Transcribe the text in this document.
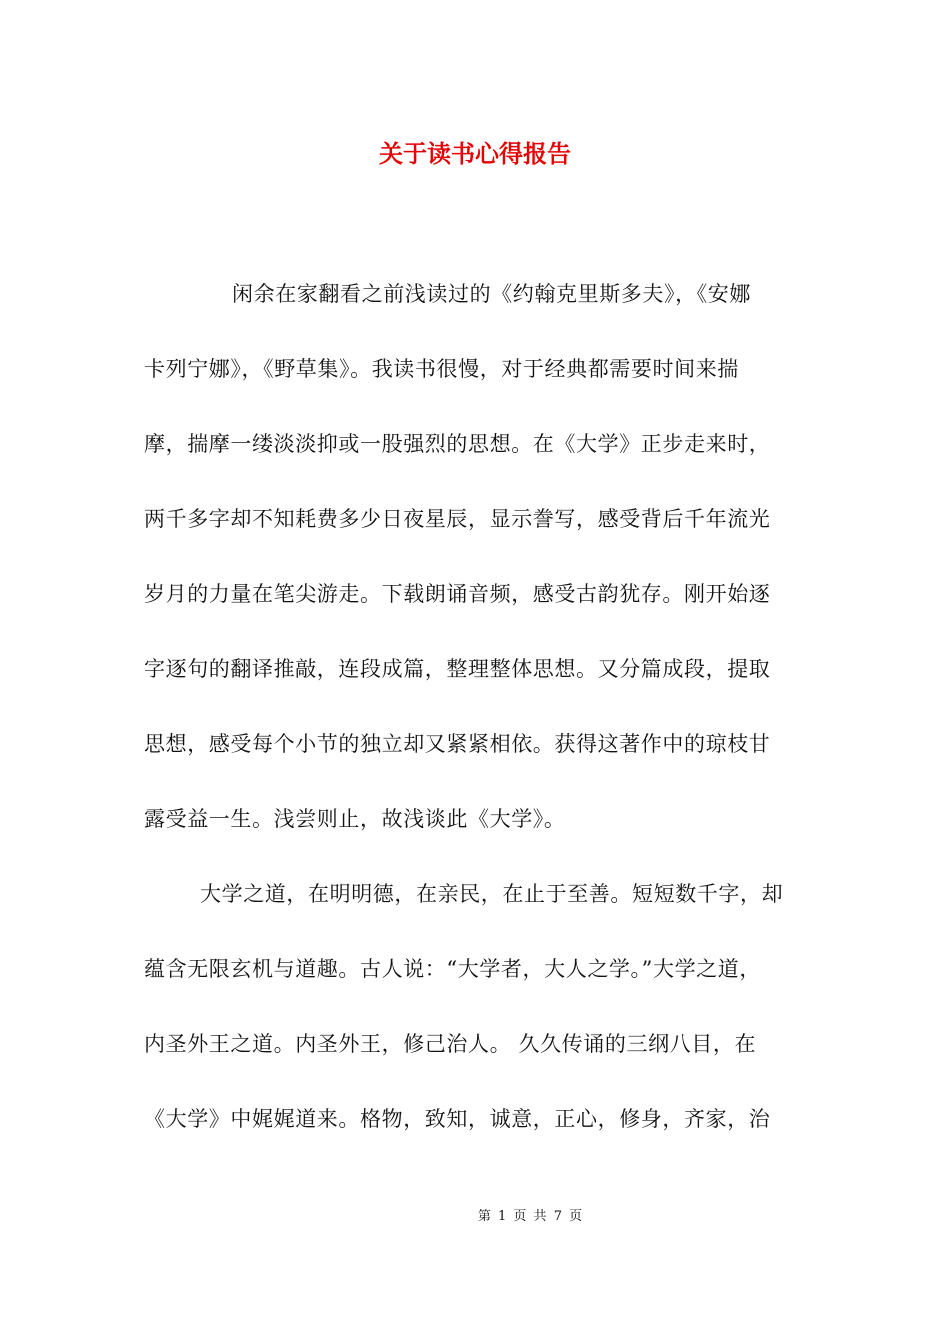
关于读书心得报告
闲余在家翻看之前浅读过的《约翰克里斯多夫》，《安娜
卡列宁娜》，《野草集》。我读书很慢，对于经典都需要时间来揣
摩，揣摩一缕淡淡抑或一股强烈的思想。在《大学》正步走来时，
两千多字却不知耗费多少日夜星辰，显示誊写，感受背后千年流光
岁月的力量在笔尖游走。下载朗诵音频，感受古韵犹存。刚开始逐
字逐句的翻译推敲，连段成篇，整理整体思想。又分篇成段，提取
思想，感受每个小节的独立却又紧紧相依。获得这著作中的琼枝甘
露受益一生。浅尝则止，故浅谈此《大学》。
大学之道，在明明德，在亲民，在止于至善。短短数千字，却
蕴含无限玄机与道趣。古人说：“大学者，大人之学。”大学之道，
内圣外王之道。内圣外王，修己治人。 久久传诵的三纲八目，在
《大学》中娓娓道来。格物，致知，诚意，正心，修身，齐家，治
第 1 页 共 7 页
